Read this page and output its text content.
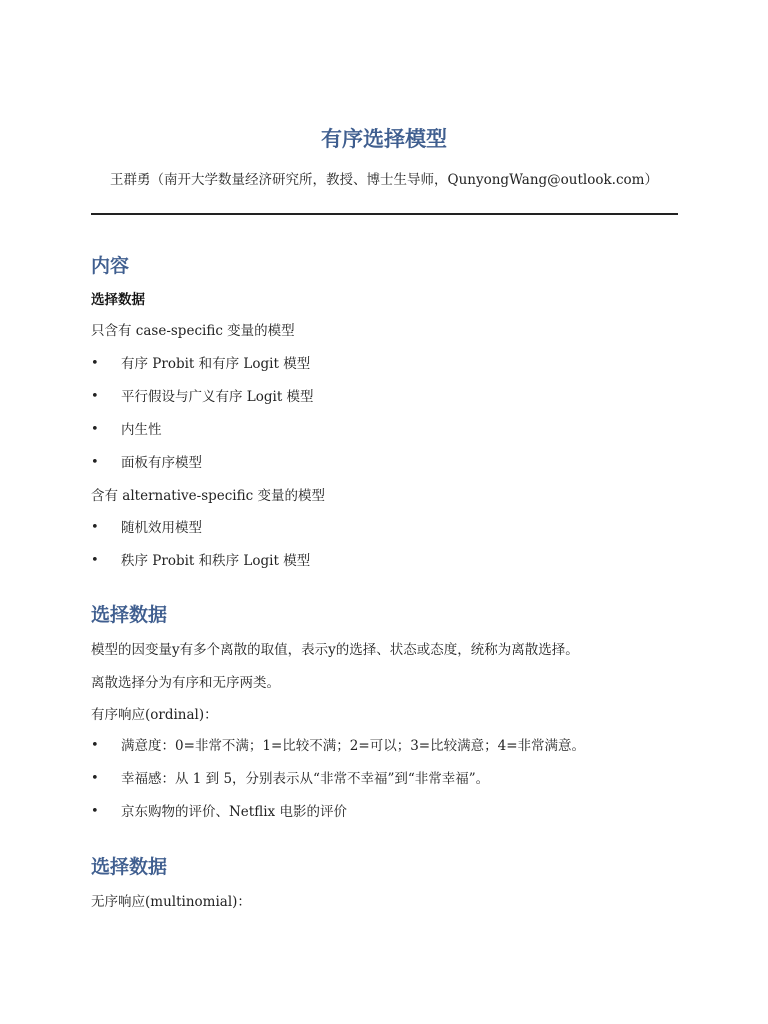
有序选择模型
王群勇（南开大学数量经济研究所，教授、博士生导师，QunyongWang@outlook.com）
内容
选择数据
只含有 case-specific 变量的模型
• 有序 Probit 和有序 Logit 模型
• 平行假设与广义有序 Logit 模型
• 内生性
• 面板有序模型
含有 alternative-specific 变量的模型
• 随机效用模型
• 秩序 Probit 和秩序 Logit 模型
选择数据
模型的因变量y有多个离散的取值，表示y的选择、状态或态度，统称为离散选择。
离散选择分为有序和无序两类。
有序响应(ordinal)：
• 满意度：0=非常不满；1=比较不满；2=可以；3=比较满意；4=非常满意。
• 幸福感：从 1 到 5，分别表示从“非常不幸福”到“非常幸福”。
• 京东购物的评价、Netflix 电影的评价
选择数据
无序响应(multinomial)：
